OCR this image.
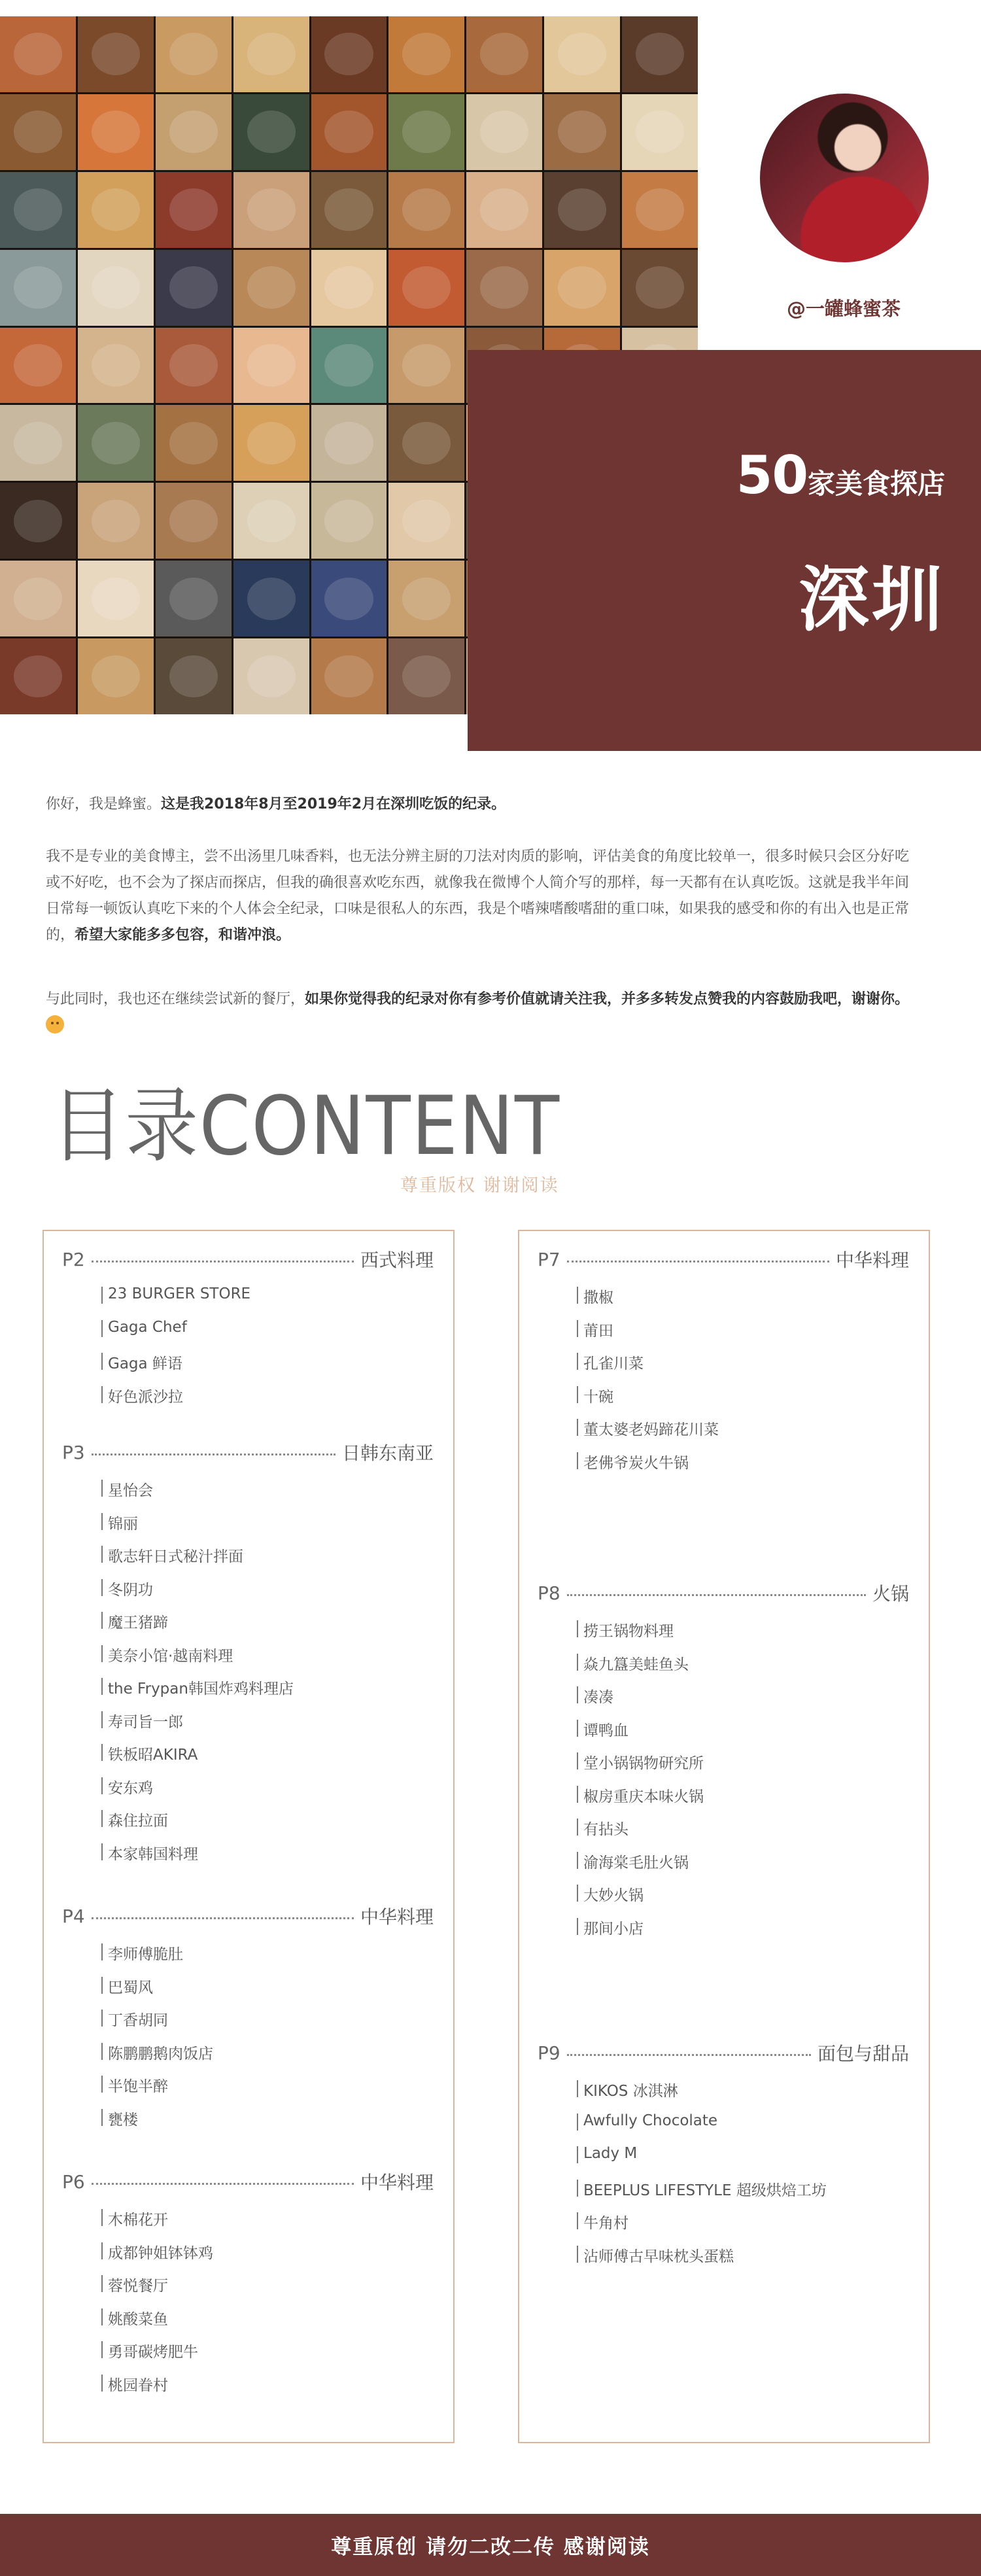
@一罐蜂蜜茶
50家美食探店
深圳
你好，我是蜂蜜。这是我2018年8月至2019年2月在深圳吃饭的纪录。
我不是专业的美食博主，尝不出汤里几味香料，也无法分辨主厨的刀法对肉质的影响，评估美食的角度比较单一，很多时候只会区分好吃或不好吃，也不会为了探店而探店，但我的确很喜欢吃东西，就像我在微博个人简介写的那样，每一天都有在认真吃饭。这就是我半年间日常每一顿饭认真吃下来的个人体会全纪录，口味是很私人的东西，我是个嗜辣嗜酸嗜甜的重口味，如果我的感受和你的有出入也是正常的，希望大家能多多包容，和谐冲浪。
与此同时，我也还在继续尝试新的餐厅，如果你觉得我的纪录对你有参考价值就请关注我，并多多转发点赞我的内容鼓励我吧，谢谢你。
目录CONTENT
尊重版权 谢谢阅读
P2	西式料理
23 BURGER STORE
Gaga Chef
Gaga 鲜语
好色派沙拉
P3	日韩东南亚
星怡会
锦丽
歌志轩日式秘汁拌面
冬阴功
魔王猪蹄
美奈小馆·越南料理
the Frypan韩国炸鸡料理店
寿司旨一郎
铁板昭AKIRA
安东鸡
森住拉面
本家韩国料理
P4	中华料理
李师傅脆肚
巴蜀风
丁香胡同
陈鹏鹏鹅肉饭店
半饱半醉
甕楼
P6	中华料理
木棉花开
成都钟姐钵钵鸡
蓉悦餐厅
姚酸菜鱼
勇哥碳烤肥牛
桃园眷村
P7	中华料理
撒椒
莆田
孔雀川菜
十碗
董太婆老妈蹄花川菜
老佛爷炭火牛锅
P8	火锅
捞王锅物料理
焱九簋美蛙鱼头
凑凑
谭鸭血
堂小锅锅物研究所
椒房重庆本味火锅
有拈头
渝海棠毛肚火锅
大妙火锅
那间小店
P9	面包与甜品
KIKOS 冰淇淋
Awfully Chocolate
Lady M
BEEPLUS LIFESTYLE 超级烘焙工坊
牛角村
沾师傅古早味枕头蛋糕
尊重原创 请勿二改二传 感谢阅读
